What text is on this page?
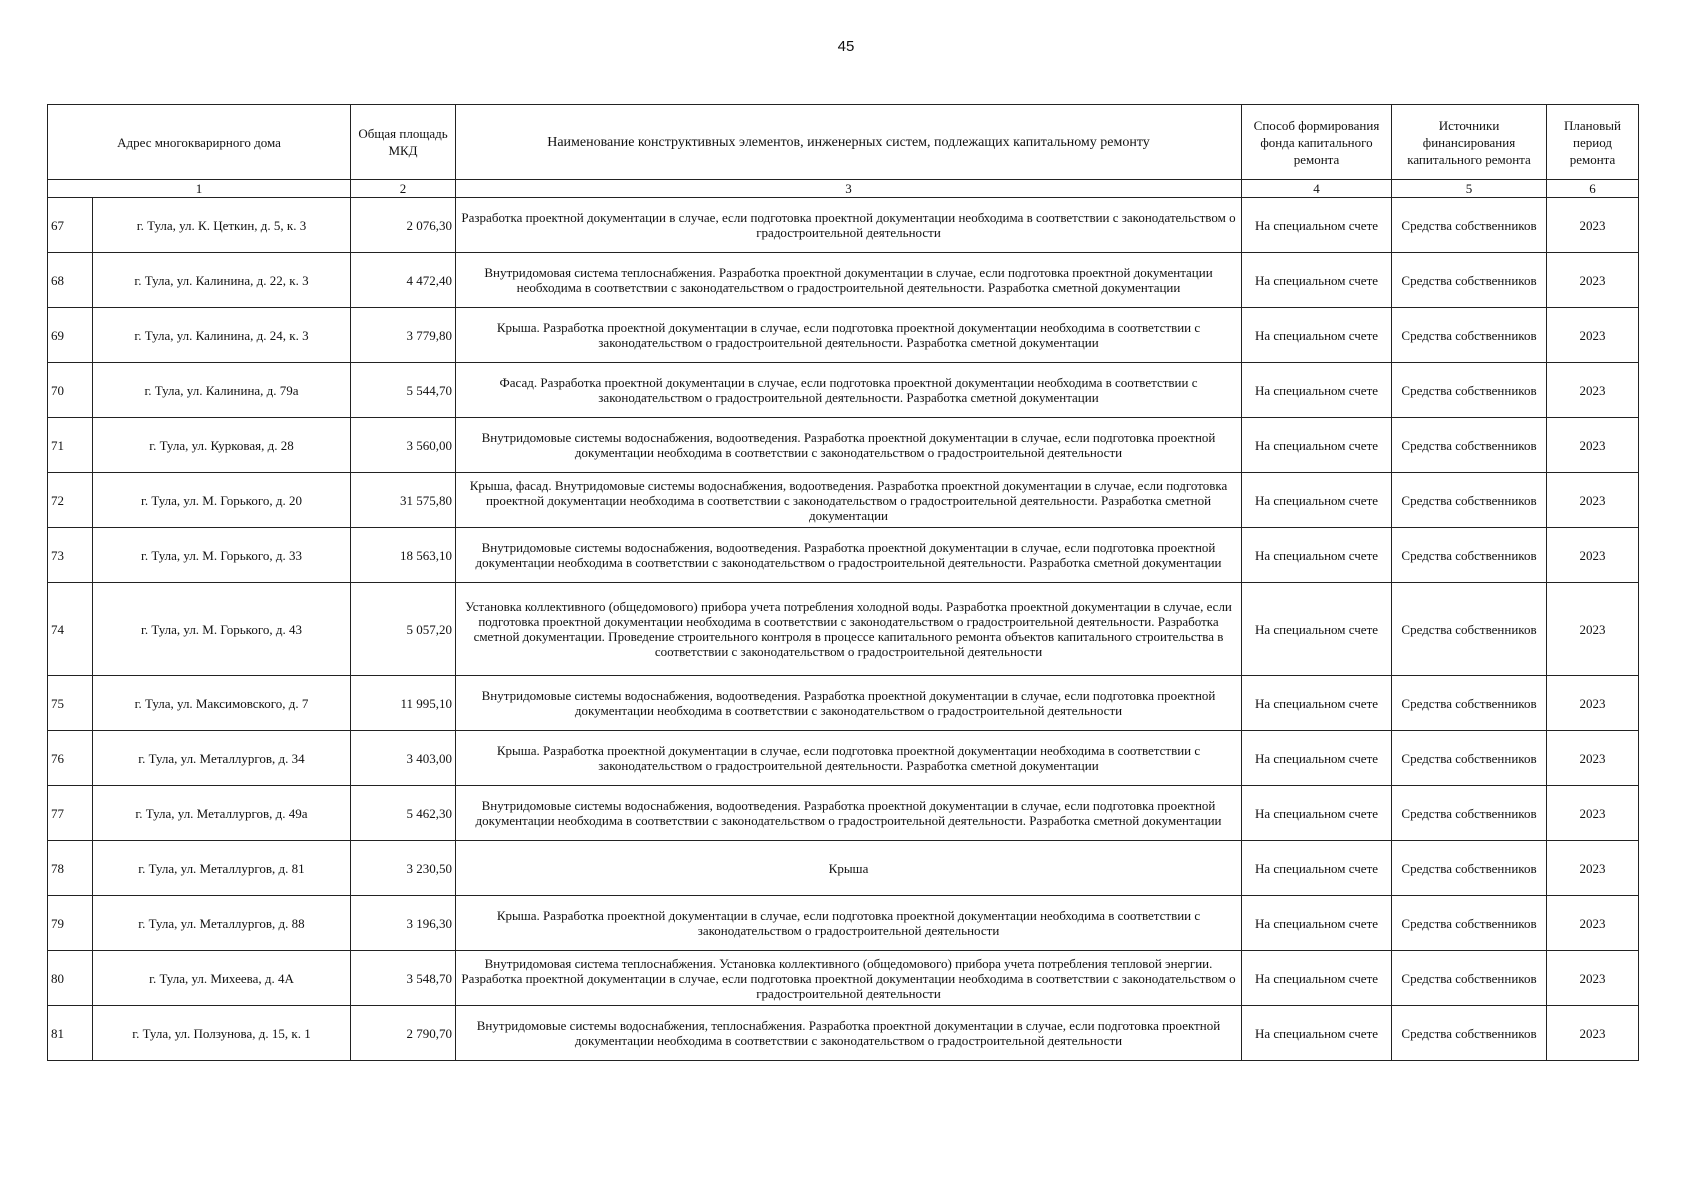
45
Адрес многокварирного дома		Общая площадь МКД	Наименование конструктивных элементов, инженерных систем, подлежащих капитальному ремонту	Способ формирования фонда капитального ремонта	Источники финансирования капитального ремонта	Плановый период ремонта
1		2	3	4	5	6
67	г. Тула, ул. К. Цеткин, д. 5, к. 3	2 076,30	Разработка проектной документации в случае, если подготовка проектной документации необходима в соответствии с законодательством о градостроительной деятельности	На специальном счете	Средства собственников	2023
68	г. Тула, ул. Калинина, д. 22, к. 3	4 472,40	Внутридомовая система теплоснабжения. Разработка проектной документации в случае, если подготовка проектной документации необходима в соответствии с законодательством о градостроительной деятельности. Разработка сметной документации	На специальном счете	Средства собственников	2023
69	г. Тула, ул. Калинина, д. 24, к. 3	3 779,80	Крыша. Разработка проектной документации в случае, если подготовка проектной документации необходима в соответствии с законодательством о градостроительной деятельности. Разработка сметной документации	На специальном счете	Средства собственников	2023
70	г. Тула, ул. Калинина, д. 79а	5 544,70	Фасад. Разработка проектной документации в случае, если подготовка проектной документации необходима в соответствии с законодательством о градостроительной деятельности. Разработка сметной документации	На специальном счете	Средства собственников	2023
71	г. Тула, ул. Курковая, д. 28	3 560,00	Внутридомовые системы водоснабжения, водоотведения. Разработка проектной документации в случае, если подготовка проектной документации необходима в соответствии с законодательством о градостроительной деятельности	На специальном счете	Средства собственников	2023
72	г. Тула, ул. М. Горького, д. 20	31 575,80	Крыша, фасад. Внутридомовые системы водоснабжения, водоотведения. Разработка проектной документации в случае, если подготовка проектной документации необходима в соответствии с законодательством о градостроительной деятельности. Разработка сметной документации	На специальном счете	Средства собственников	2023
73	г. Тула, ул. М. Горького, д. 33	18 563,10	Внутридомовые системы водоснабжения, водоотведения. Разработка проектной документации в случае, если подготовка проектной документации необходима в соответствии с законодательством о градостроительной деятельности. Разработка сметной документации	На специальном счете	Средства собственников	2023
74	г. Тула, ул. М. Горького, д. 43	5 057,20	Установка коллективного (общедомового) прибора учета потребления холодной воды. Разработка проектной документации в случае, если подготовка проектной документации необходима в соответствии с законодательством о градостроительной деятельности. Разработка сметной документации. Проведение строительного контроля в процессе капитального ремонта объектов капитального строительства в соответствии с законодательством о градостроительной деятельности	На специальном счете	Средства собственников	2023
75	г. Тула, ул. Максимовского, д. 7	11 995,10	Внутридомовые системы водоснабжения, водоотведения. Разработка проектной документации в случае, если подготовка проектной документации необходима в соответствии с законодательством о градостроительной деятельности	На специальном счете	Средства собственников	2023
76	г. Тула, ул. Металлургов, д. 34	3 403,00	Крыша. Разработка проектной документации в случае, если подготовка проектной документации необходима в соответствии с законодательством о градостроительной деятельности. Разработка сметной документации	На специальном счете	Средства собственников	2023
77	г. Тула, ул. Металлургов, д. 49а	5 462,30	Внутридомовые системы водоснабжения, водоотведения. Разработка проектной документации в случае, если подготовка проектной документации необходима в соответствии с законодательством о градостроительной деятельности. Разработка сметной документации	На специальном счете	Средства собственников	2023
78	г. Тула, ул. Металлургов, д. 81	3 230,50	Крыша	На специальном счете	Средства собственников	2023
79	г. Тула, ул. Металлургов, д. 88	3 196,30	Крыша. Разработка проектной документации в случае, если подготовка проектной документации необходима в соответствии с законодательством о градостроительной деятельности	На специальном счете	Средства собственников	2023
80	г. Тула, ул. Михеева, д. 4А	3 548,70	Внутридомовая система теплоснабжения. Установка коллективного (общедомового) прибора учета потребления тепловой энергии. Разработка проектной документации в случае, если подготовка проектной документации необходима в соответствии с законодательством о градостроительной деятельности	На специальном счете	Средства собственников	2023
81	г. Тула, ул. Ползунова, д. 15, к. 1	2 790,70	Внутридомовые системы водоснабжения, теплоснабжения. Разработка проектной документации в случае, если подготовка проектной документации необходима в соответствии с законодательством о градостроительной деятельности	На специальном счете	Средства собственников	2023
